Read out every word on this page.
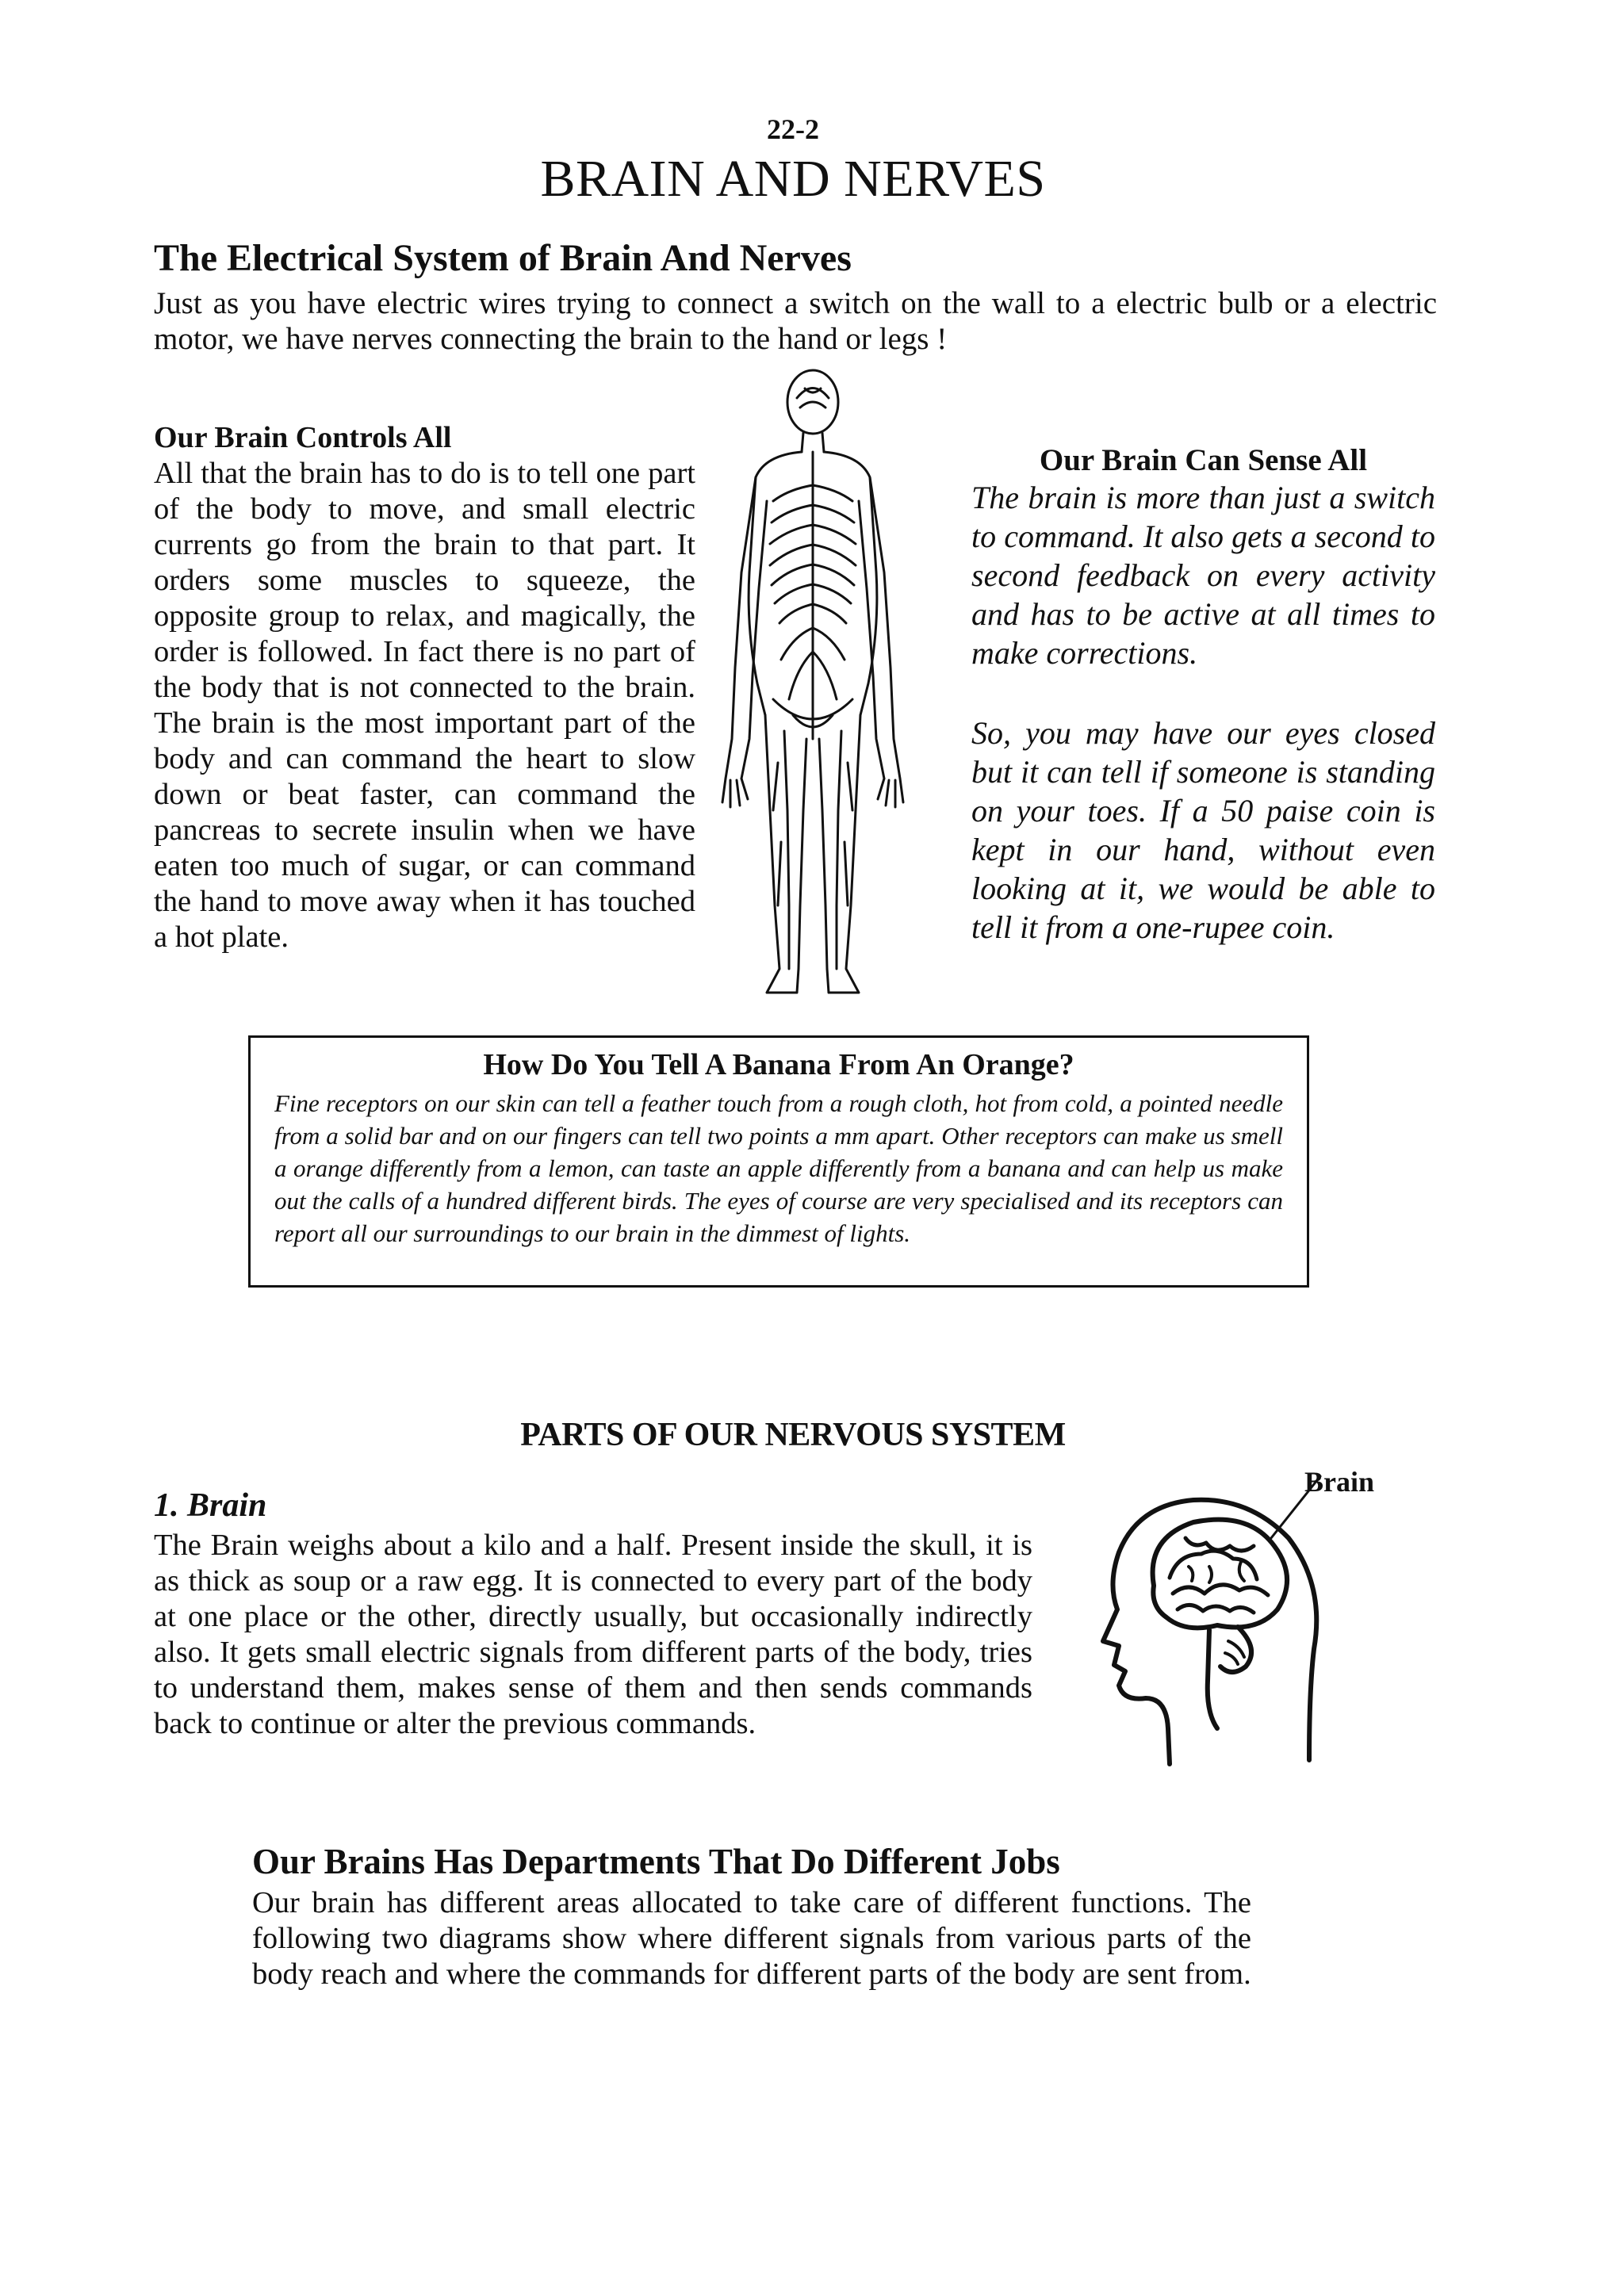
22-2
BRAIN AND NERVES
The Electrical System of Brain And Nerves
Just as you have electric wires trying to connect a switch on the wall to a electric bulb or a electric motor, we have nerves connecting the brain to the hand or legs !
Our Brain Controls All
All that the brain has to do is to tell one part of the body to move, and small electric currents go from the brain to that part. It orders some muscles to squeeze, the opposite group to relax, and magically, the order is followed. In fact there is no part of the body that is not connected to the brain. The brain is the most important part of the body and can command the heart to slow down or beat faster, can command the pancreas to secrete insulin when we have eaten too much of sugar, or can command the hand to move away when it has touched a hot plate.
Our Brain Can Sense All
The brain is more than just a switch to command. It also gets a second to second feedback on every activity and has to be active at all times to make corrections.
So, you may have our eyes closed but it can tell if someone is standing on your toes. If a 50 paise coin is kept in our hand, without even looking at it, we would be able to tell it from a one-rupee coin.
How Do You Tell A Banana From An Orange?
Fine receptors on our skin can tell a feather touch from a rough cloth, hot from cold, a pointed needle from a solid bar and on our fingers can tell two points a mm apart. Other receptors can make us smell a orange differently from a lemon, can taste an apple differently from a banana and can help us make out the calls of a hundred different birds. The eyes of course are very specialised and its receptors can report all our surroundings to our brain in the dimmest of lights.
PARTS OF OUR NERVOUS SYSTEM
1. Brain
The Brain weighs about a kilo and a half. Present inside the skull, it is as thick as soup or a raw egg. It is connected to every part of the body at one place or the other, directly usually, but occasionally indirectly also. It gets small electric signals from different parts of the body, tries to understand them, makes sense of them and then sends commands back to continue or alter the previous commands.
Brain
Our Brains Has Departments That Do Different Jobs
Our brain has different areas allocated to take care of different functions. The following two diagrams show where different signals from various parts of the body reach and where the commands for different parts of the body are sent from.
